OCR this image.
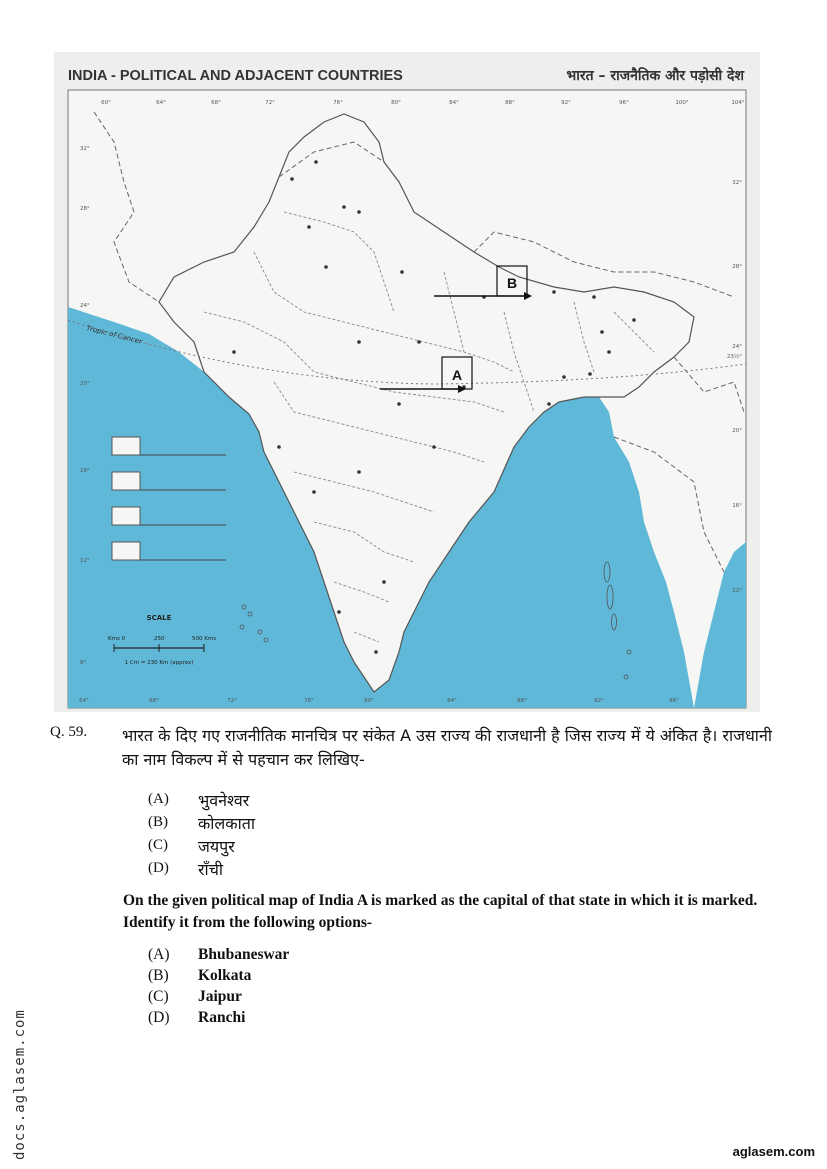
Tropic of Cancer
B
A
SCALE
Kms 0	250	500 Kms
1 Cm = 230 Km (approx)
INDIA - POLITICAL AND ADJACENT COUNTRIES	भारत – राजनैतिक और पड़ोसी देश
60°	64°	68°	72°	76°	80°	84°	88°	92°	96°	100°	104°
64°	68°	72°	76°	80°	84°	88°	92°	96°
32°
28°
24°
20°
16°
12°
8°
32°
28°
24°
23½°
20°
16°
12°
Q. 59. भारत के दिए गए राजनीतिक मानचित्र पर संकेत A उस राज्य की राजधानी है जिस राज्य में ये अंकित है। राजधानी का नाम विकल्प में से पहचान कर लिखिए-
(A)	भुवनेश्वर
(B)	कोलकाता
(C)	जयपुर
(D)	राँची
On the given political map of India A is marked as the capital of that state in which it is marked. Identify it from the following options-
(A)	Bhubaneswar
(B)	Kolkata
(C)	Jaipur
(D)	Ranchi
docs.aglasem.com	aglasem.com
